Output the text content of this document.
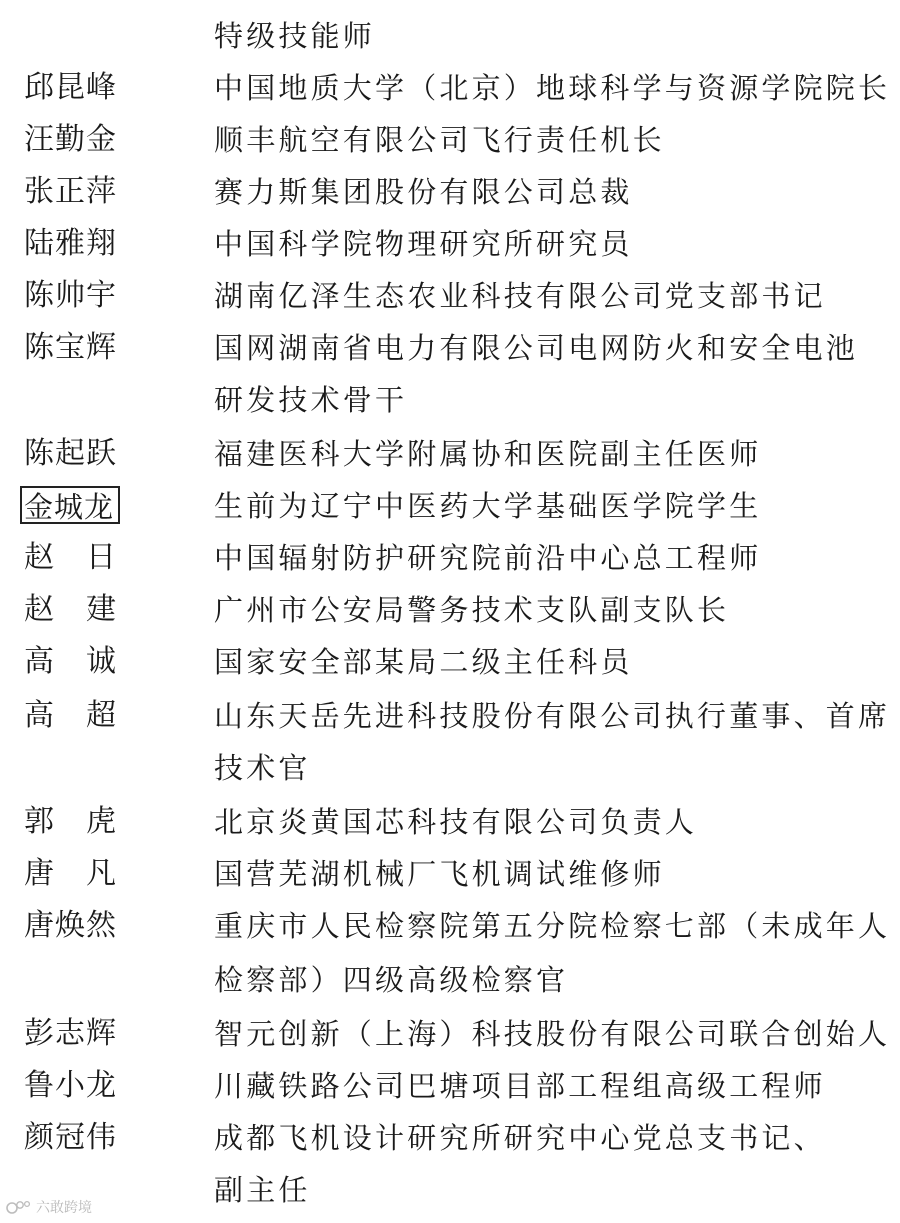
特级技能师
邱昆峰	中国地质大学（北京）地球科学与资源学院院长
汪勤金	顺丰航空有限公司飞行责任机长
张正萍	赛力斯集团股份有限公司总裁
陆雅翔	中国科学院物理研究所研究员
陈帅宇	湖南亿泽生态农业科技有限公司党支部书记
陈宝辉	国网湖南省电力有限公司电网防火和安全电池
研发技术骨干
陈起跃	福建医科大学附属协和医院副主任医师
金城龙	生前为辽宁中医药大学基础医学院学生
赵 日	中国辐射防护研究院前沿中心总工程师
赵 建	广州市公安局警务技术支队副支队长
高 诚	国家安全部某局二级主任科员
高 超	山东天岳先进科技股份有限公司执行董事、首席
技术官
郭 虎	北京炎黄国芯科技有限公司负责人
唐 凡	国营芜湖机械厂飞机调试维修师
唐焕然	重庆市人民检察院第五分院检察七部（未成年人
检察部）四级高级检察官
彭志辉	智元创新（上海）科技股份有限公司联合创始人
鲁小龙	川藏铁路公司巴塘项目部工程组高级工程师
颜冠伟	成都飞机设计研究所研究中心党总支书记、
副主任
六敢跨境
